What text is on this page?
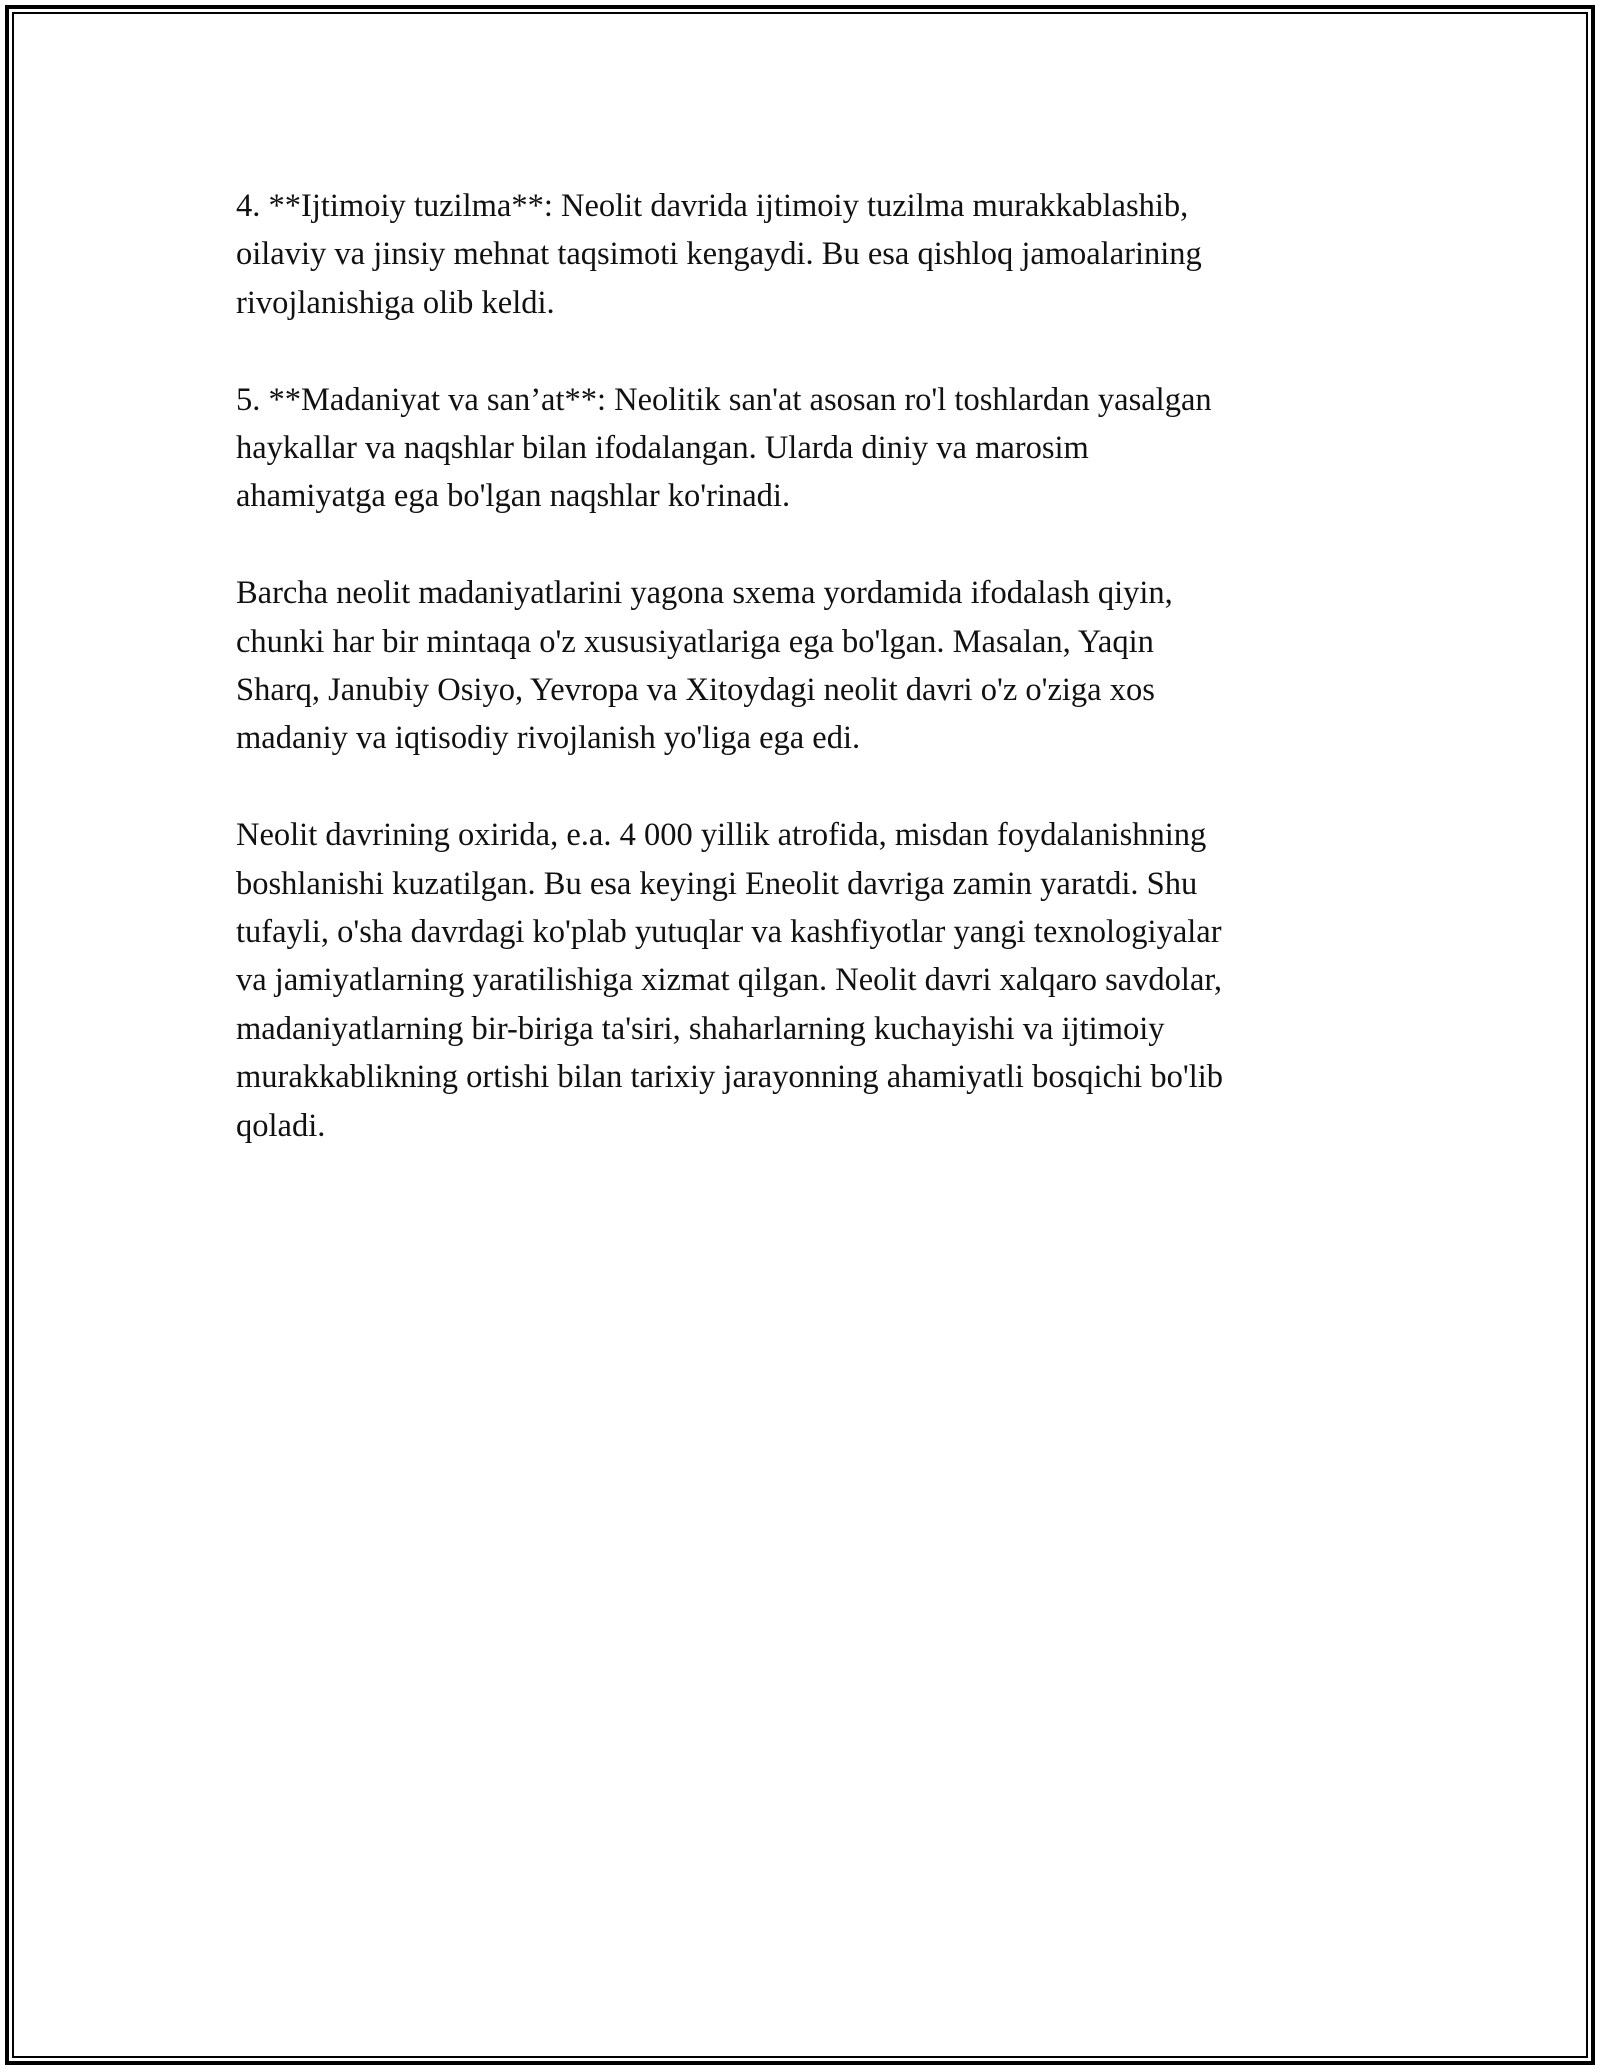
4. **Ijtimoiy tuzilma**: Neolit davrida ijtimoiy tuzilma murakkablashib,
oilaviy va jinsiy mehnat taqsimoti kengaydi. Bu esa qishloq jamoalarining
rivojlanishiga olib keldi.

5. **Madaniyat va san’at**: Neolitik san'at asosan ro'l toshlardan yasalgan
haykallar va naqshlar bilan ifodalangan. Ularda diniy va marosim
ahamiyatga ega bo'lgan naqshlar ko'rinadi.

Barcha neolit madaniyatlarini yagona sxema yordamida ifodalash qiyin,
chunki har bir mintaqa o'z xususiyatlariga ega bo'lgan. Masalan, Yaqin
Sharq, Janubiy Osiyo, Yevropa va Xitoydagi neolit davri o'z o'ziga xos
madaniy va iqtisodiy rivojlanish yo'liga ega edi.

Neolit davrining oxirida, e.a. 4 000 yillik atrofida, misdan foydalanishning
boshlanishi kuzatilgan. Bu esa keyingi Eneolit davriga zamin yaratdi. Shu
tufayli, o'sha davrdagi ko'plab yutuqlar va kashfiyotlar yangi texnologiyalar
va jamiyatlarning yaratilishiga xizmat qilgan. Neolit davri xalqaro savdolar,
madaniyatlarning bir-biriga ta'siri, shaharlarning kuchayishi va ijtimoiy
murakkablikning ortishi bilan tarixiy jarayonning ahamiyatli bosqichi bo'lib
qoladi.
